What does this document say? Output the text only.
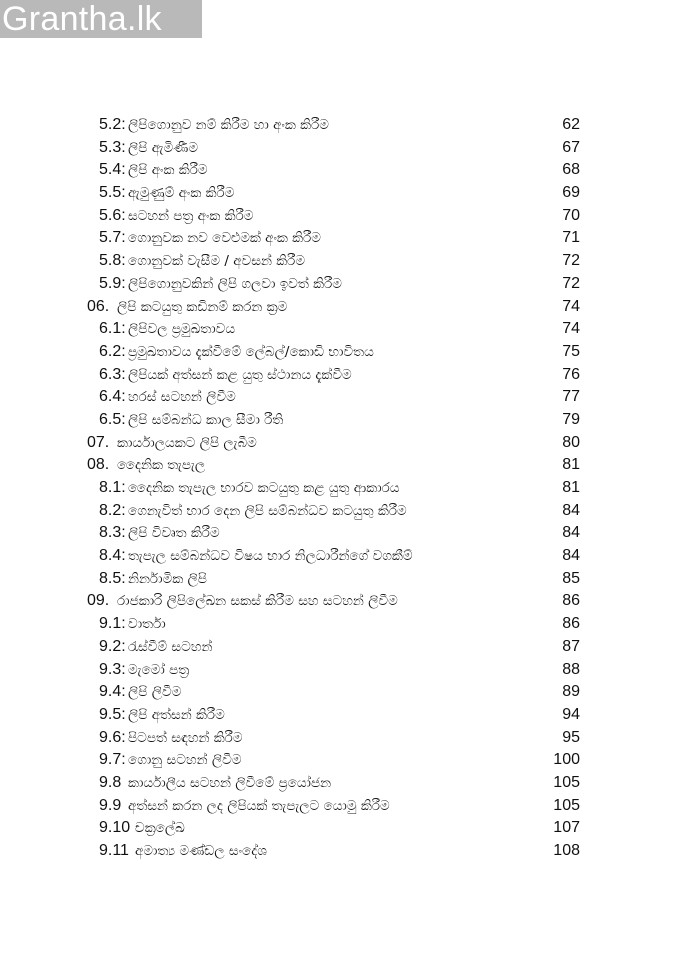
Grantha.lk
5.2: ලිපිගොනුව නම් කිරීම හා අංක කිරීම	62
5.3: ලිපි ඇමිණීම	67
5.4: ලිපි අංක කිරීම	68
5.5: ඇමුණුම් අංක කිරීම	69
5.6: සටහන් පත්‍ර අංක කිරීම	70
5.7: ගොනුවක නව වෙළුමක් අංක කිරීම	71
5.8: ගොනුවක් වැසීම / අවසන් කිරීම	72
5.9: ලිපිගොනුවකින් ලිපි ගලවා ඉවත් කිරීම	72
06. ලිපි කටයුතු කඩිනම් කරන ක්‍රම	74
6.1: ලිපිවල ප්‍රමුඛතාවය	74
6.2: ප්‍රමුඛතාවය දැක්වීමේ ලේබල්/කොඩි භාවිතය	75
6.3: ලිපියක් අත්සන් කළ යුතු ස්ථානය දැක්වීම	76
6.4: හරස් සටහන් ලිවීම	77
6.5: ලිපි සම්බන්ධ කාල සීමා රීති	79
07. කාර්යාලයකට ලිපි ලැබීම	80
08. දෛනික තැපැල	81
8.1: දෛනික තැපැල භාරව කටයුතු කළ යුතු ආකාරය	81
8.2: ගෙනැවිත් භාර දෙන ලිපි සම්බන්ධව කටයුතු කිරීම	84
8.3: ලිපි විවෘත කිරීම	84
8.4: තැපැල සම්බන්ධව විෂය භාර නිලධාරීන්ගේ වගකීම්	84
8.5: නිර්නාමික ලිපි	85
09. රාජකාරි ලිපිලේඛන සකස් කිරීම සහ සටහන් ලිවීම	86
9.1: වාර්තා	86
9.2: රැස්වීම් සටහන්	87
9.3: මැමෝ පත්‍ර	88
9.4: ලිපි ලිවීම	89
9.5: ලිපි අත්සන් කිරීම	94
9.6: පිටපත් සඳහන් කිරීම	95
9.7: ගොනු සටහන් ලිවීම	100
9.8 කාර්යාලීය සටහන් ලිවීමේ ප්‍රයෝජන	105
9.9 අත්සන් කරන ලද ලිපියක් තැපැලට යොමු කිරීම	105
9.10 චක්‍රලේඛ	107
9.11 අමාත්‍ය මණ්ඩල සංදේශ	108
